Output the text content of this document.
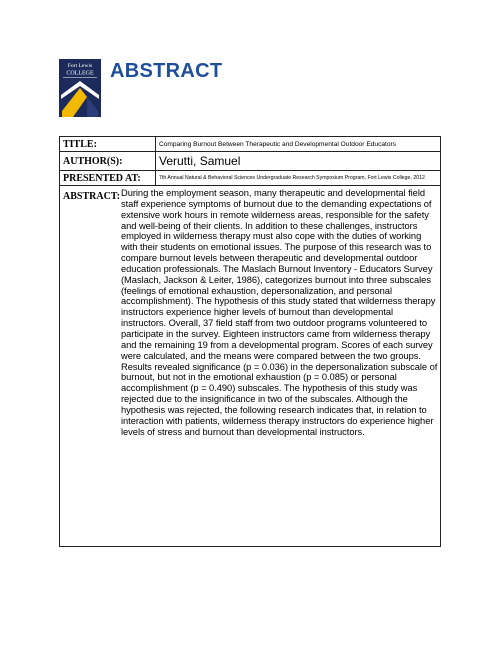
Fort Lewis
COLLEGE ABSTRACT
TITLE:	Comparing Burnout Between Therapeutic and Developmental Outdoor Educators
AUTHOR(S):	Verutti, Samuel
PRESENTED AT:	7th Annual Natural & Behavioral Sciences Undergraduate Research Symposium Program, Fort Lewis College, 2012
ABSTRACT: During the employment season, many therapeutic and developmental field staff experience symptoms of burnout due to the demanding expectations of extensive work hours in remote wilderness areas, responsible for the safety and well-being of their clients. In addition to these challenges, instructors employed in wilderness therapy must also cope with the duties of working with their students on emotional issues. The purpose of this research was to compare burnout levels between therapeutic and developmental outdoor education professionals. The Maslach Burnout Inventory - Educators Survey (Maslach, Jackson & Leiter, 1986), categorizes burnout into three subscales (feelings of emotional exhaustion, depersonalization, and personal accomplishment). The hypothesis of this study stated that wilderness therapy instructors experience higher levels of burnout than developmental instructors. Overall, 37 field staff from two outdoor programs volunteered to participate in the survey. Eighteen instructors came from wilderness therapy and the remaining 19 from a developmental program. Scores of each survey were calculated, and the means were compared between the two groups. Results revealed significance (p = 0.036) in the depersonalization subscale of burnout, but not in the emotional exhaustion (p = 0.085) or personal accomplishment (p = 0.490) subscales. The hypothesis of this study was rejected due to the insignificance in two of the subscales. Although the hypothesis was rejected, the following research indicates that, in relation to interaction with patients, wilderness therapy instructors do experience higher levels of stress and burnout than developmental instructors.
